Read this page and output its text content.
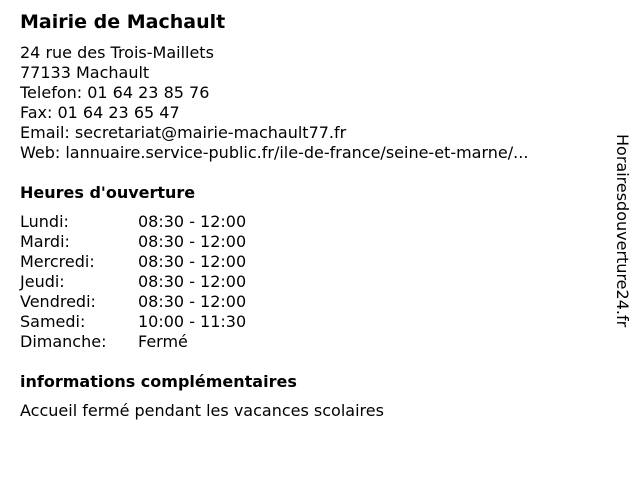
Mairie de Machault
24 rue des Trois-Maillets
77133 Machault
Telefon: 01 64 23 85 76
Fax: 01 64 23 65 47
Email: secretariat@mairie-machault77.fr
Web: lannuaire.service-public.fr/ile-de-france/seine-et-marne/...
Heures d'ouverture
Lundi:	08:30 - 12:00
Mardi:	08:30 - 12:00
Mercredi:	08:30 - 12:00
Jeudi:	08:30 - 12:00
Vendredi:	08:30 - 12:00
Samedi:	10:00 - 11:30
Dimanche:	Fermé
informations complémentaires
Accueil fermé pendant les vacances scolaires
Horairesdouverture24.fr
